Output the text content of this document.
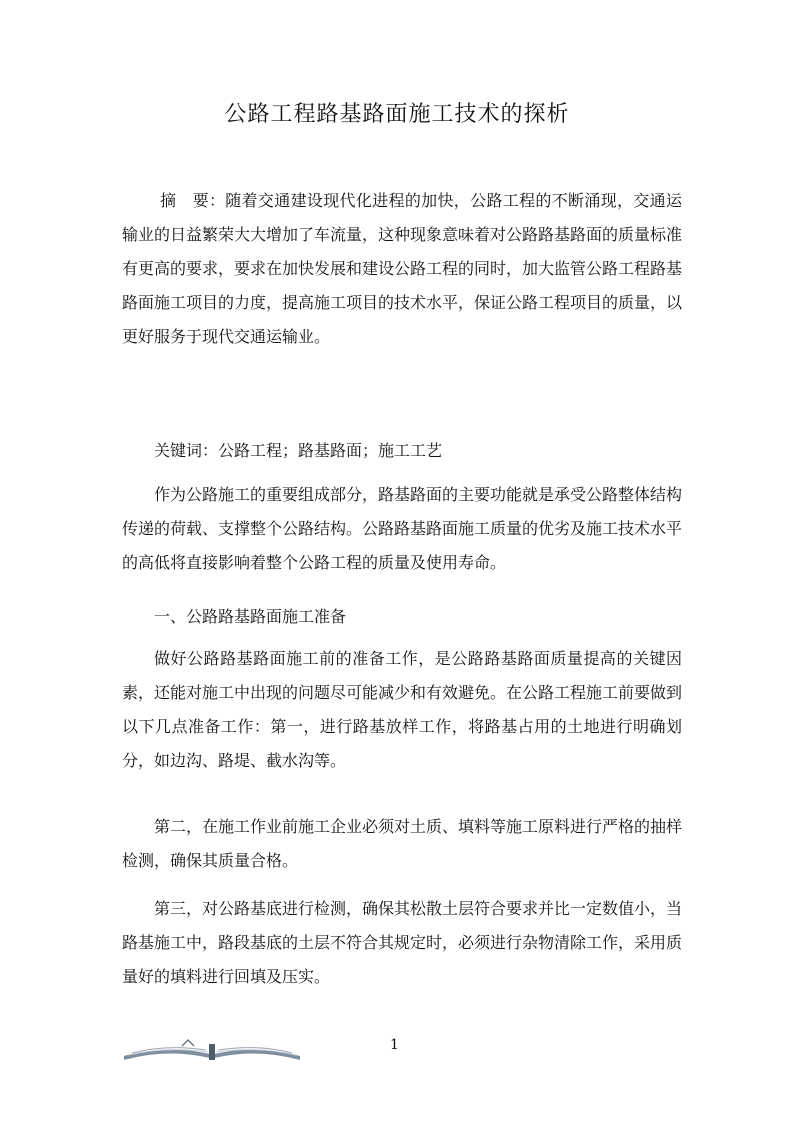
公路工程路基路面施工技术的探析

摘　要：随着交通建设现代化进程的加快，公路工程的不断涌现，交通运输业的日益繁荣大大增加了车流量，这种现象意味着对公路路基路面的质量标准有更高的要求，要求在加快发展和建设公路工程的同时，加大监管公路工程路基路面施工项目的力度，提高施工项目的技术水平，保证公路工程项目的质量，以更好服务于现代交通运输业。

关键词：公路工程；路基路面；施工工艺

作为公路施工的重要组成部分，路基路面的主要功能就是承受公路整体结构传递的荷载、支撑整个公路结构。公路路基路面施工质量的优劣及施工技术水平的高低将直接影响着整个公路工程的质量及使用寿命。

一、公路路基路面施工准备

做好公路路基路面施工前的准备工作，是公路路基路面质量提高的关键因素，还能对施工中出现的问题尽可能减少和有效避免。在公路工程施工前要做到以下几点准备工作：第一，进行路基放样工作，将路基占用的土地进行明确划分，如边沟、路堤、截水沟等。

第二，在施工作业前施工企业必须对土质、填料等施工原料进行严格的抽样检测，确保其质量合格。

第三，对公路基底进行检测，确保其松散土层符合要求并比一定数值小，当路基施工中，路段基底的土层不符合其规定时，必须进行杂物清除工作，采用质量好的填料进行回填及压实。

1
